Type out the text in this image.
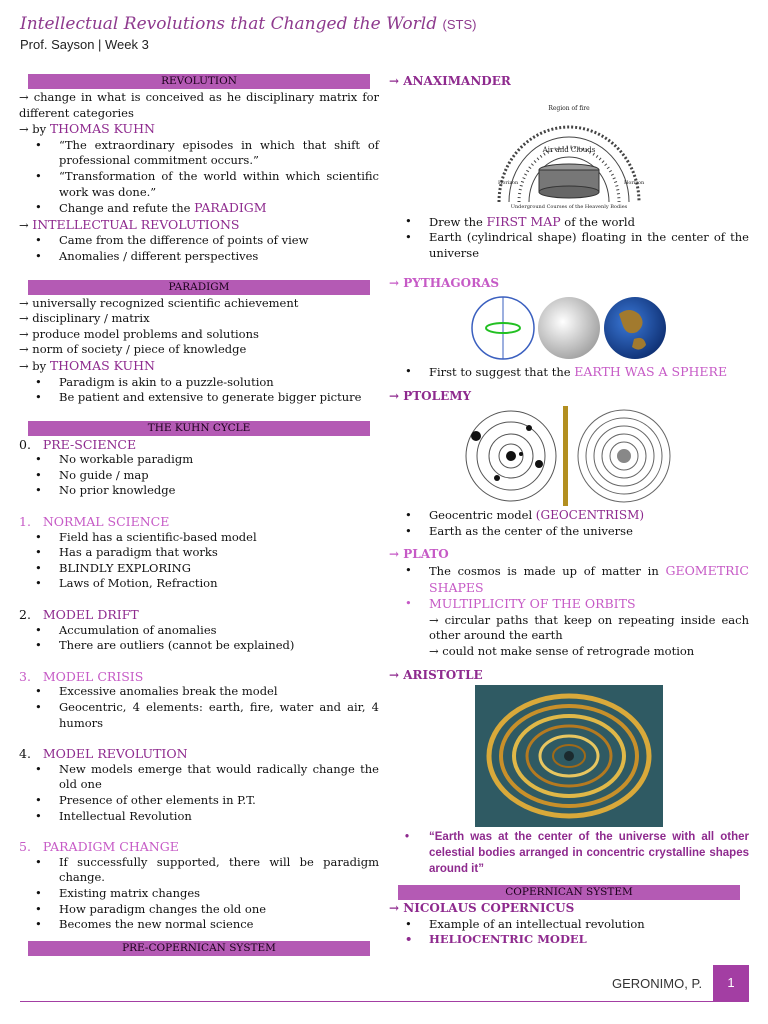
Intellectual Revolutions that Changed the World (STS)
Prof. Sayson | Week 3
REVOLUTION

→ change in what is conceived as he disciplinary matrix for different categories

→ by THOMAS KUHN

• “The extraordinary episodes in which that shift of professional commitment occurs.”
• “Transformation of the world within which scientific work was done.”
• Change and refute the PARADIGM

→ INTELLECTUAL REVOLUTIONS

• Came from the difference of points of view
• Anomalies / different perspectives
PARADIGM

→ universally recognized scientific achievement

→ disciplinary / matrix

→ produce model problems and solutions

→ norm of society / piece of knowledge

→ by THOMAS KUHN

• Paradigm is akin to a puzzle-solution
• Be patient and extensive to generate bigger picture
THE KUHN CYCLE

0. PRE-SCIENCE

• No workable paradigm
• No guide / map
• No prior knowledge

1. NORMAL SCIENCE

• Field has a scientific-based model
• Has a paradigm that works
• BLINDLY EXPLORING
• Laws of Motion, Refraction

2. MODEL DRIFT

• Accumulation of anomalies
• There are outliers (cannot be explained)

3. MODEL CRISIS

• Excessive anomalies break the model
• Geocentric, 4 elements: earth, fire, water and air, 4 humors

4. MODEL REVOLUTION

• New models emerge that would radically change the old one
• Presence of other elements in P.T.
• Intellectual Revolution

5. PARADIGM CHANGE

• If successfully supported, there will be paradigm change.
• Existing matrix changes
• How paradigm changes the old one
• Becomes the new normal science
PRE-COPERNICAN SYSTEM

→ ANAXIMANDER

Region of fire
Air and Clouds
Underground Courses of the Heavenly Bodies
Horizon	Horizon
• Drew the FIRST MAP of the world
• Earth (cylindrical shape) floating in the center of the universe

→ PYTHAGORAS

• First to suggest that the EARTH WAS A SPHERE

→ PTOLEMY

• Geocentric model (GEOCENTRISM)
• Earth as the center of the universe

→ PLATO

• The cosmos is made up of matter in GEOMETRIC SHAPES
• MULTIPLICITY OF THE ORBITS

→ circular paths that keep on repeating inside each other around the earth

→ could not make sense of retrograde motion

→ ARISTOTLE

• “Earth was at the center of the universe with all other celestial bodies arranged in concentric crystalline shapes around it”
COPERNICAN SYSTEM

→ NICOLAUS COPERNICUS

• Example of an intellectual revolution
• HELIOCENTRIC MODEL
GERONIMO, P.	1
